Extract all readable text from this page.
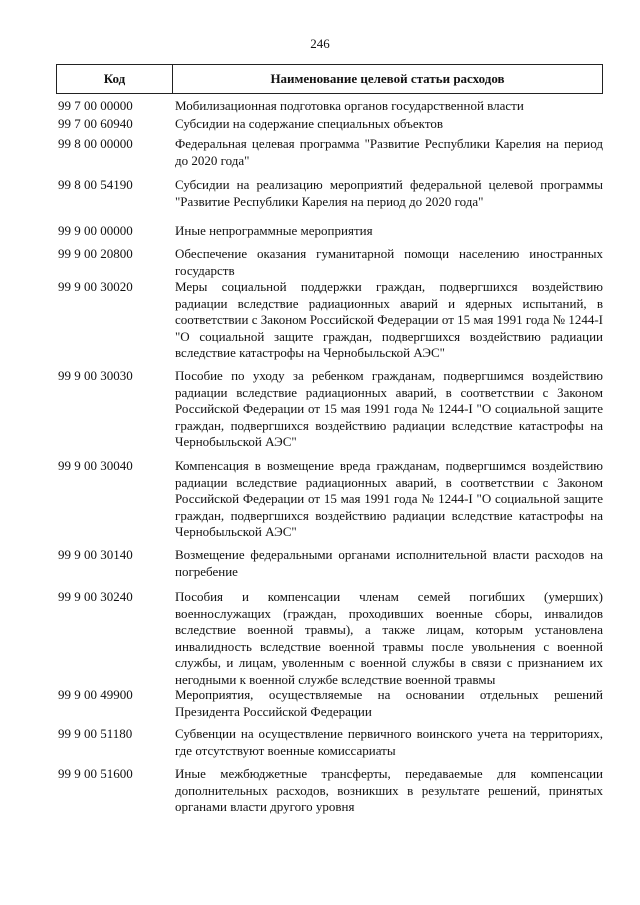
246
Код	Наименование целевой статьи расходов
99 7 00 00000	Мобилизационная подготовка органов государственной власти
99 7 00 60940	Субсидии на содержание специальных объектов
99 8 00 00000	Федеральная целевая программа "Развитие Республики Карелия на период до 2020 года"
99 8 00 54190	Субсидии на реализацию мероприятий федеральной целевой программы "Развитие Республики Карелия на период до 2020 года"
99 9 00 00000	Иные непрограммные мероприятия
99 9 00 20800	Обеспечение оказания гуманитарной помощи населению иностранных государств
99 9 00 30020	Меры социальной поддержки граждан, подвергшихся воздействию радиации вследствие радиационных аварий и ядерных испытаний, в соответствии с Законом Российской Федерации от 15 мая 1991 года № 1244-I "О социальной защите граждан, подвергшихся воздействию радиации вследствие катастрофы на Чернобыльской АЭС"
99 9 00 30030	Пособие по уходу за ребенком гражданам, подвергшимся воздействию радиации вследствие радиационных аварий, в соответствии с Законом Российской Федерации от 15 мая 1991 года № 1244-I "О социальной защите граждан, подвергшихся воздействию радиации вследствие катастрофы на Чернобыльской АЭС"
99 9 00 30040	Компенсация в возмещение вреда гражданам, подвергшимся воздействию радиации вследствие радиационных аварий, в соответствии с Законом Российской Федерации от 15 мая 1991 года № 1244-I "О социальной защите граждан, подвергшихся воздействию радиации вследствие катастрофы на Чернобыльской АЭС"
99 9 00 30140	Возмещение федеральными органами исполнительной власти расходов на погребение
99 9 00 30240	Пособия и компенсации членам семей погибших (умерших) военнослужащих (граждан, проходивших военные сборы, инвалидов вследствие военной травмы), а также лицам, которым установлена инвалидность вследствие военной травмы после увольнения с военной службы, и лицам, уволенным с военной службы в связи с признанием их негодными к военной службе вследствие военной травмы
99 9 00 49900	Мероприятия, осуществляемые на основании отдельных решений Президента Российской Федерации
99 9 00 51180	Субвенции на осуществление первичного воинского учета на территориях, где отсутствуют военные комиссариаты
99 9 00 51600	Иные межбюджетные трансферты, передаваемые для компенсации дополнительных расходов, возникших в результате решений, принятых органами власти другого уровня
